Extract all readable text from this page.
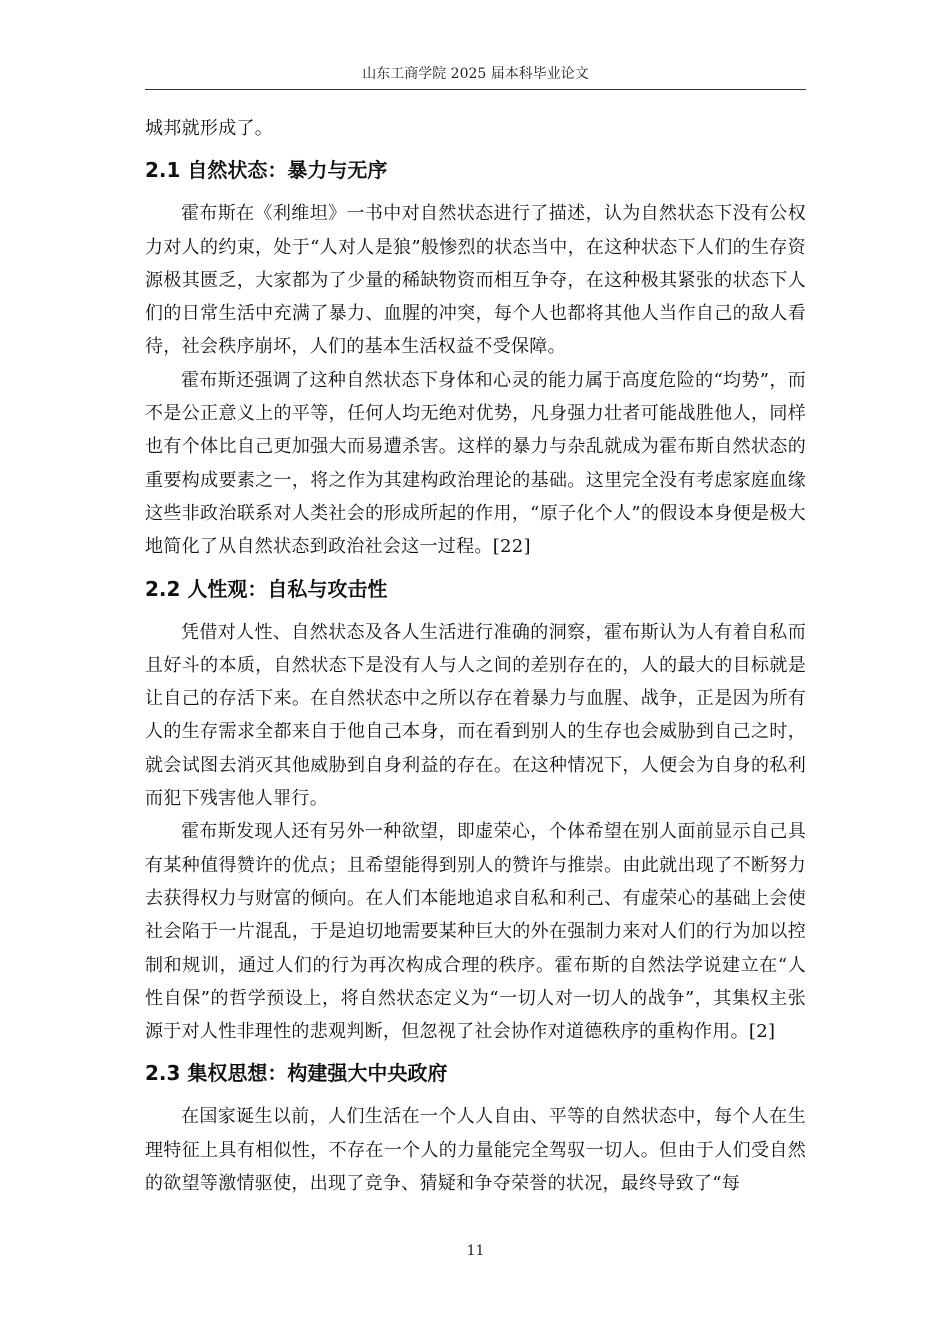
山东工商学院 2025 届本科毕业论文

城邦就形成了。

2.1 自然状态：暴力与无序

霍布斯在《利维坦》一书中对自然状态进行了描述，认为自然状态下没有公权力对人的约束，处于“人对人是狼”般惨烈的状态当中，在这种状态下人们的生存资源极其匮乏，大家都为了少量的稀缺物资而相互争夺，在这种极其紧张的状态下人们的日常生活中充满了暴力、血腥的冲突，每个人也都将其他人当作自己的敌人看待，社会秩序崩坏，人们的基本生活权益不受保障。

霍布斯还强调了这种自然状态下身体和心灵的能力属于高度危险的“均势”，而不是公正意义上的平等，任何人均无绝对优势，凡身强力壮者可能战胜他人，同样也有个体比自己更加强大而易遭杀害。这样的暴力与杂乱就成为霍布斯自然状态的重要构成要素之一，将之作为其建构政治理论的基础。这里完全没有考虑家庭血缘这些非政治联系对人类社会的形成所起的作用，“原子化个人”的假设本身便是极大地简化了从自然状态到政治社会这一过程。[22]

2.2 人性观：自私与攻击性

凭借对人性、自然状态及各人生活进行准确的洞察，霍布斯认为人有着自私而且好斗的本质，自然状态下是没有人与人之间的差别存在的，人的最大的目标就是让自己的存活下来。在自然状态中之所以存在着暴力与血腥、战争，正是因为所有人的生存需求全都来自于他自己本身，而在看到别人的生存也会威胁到自己之时，就会试图去消灭其他威胁到自身利益的存在。在这种情况下，人便会为自身的私利而犯下残害他人罪行。

霍布斯发现人还有另外一种欲望，即虚荣心，个体希望在别人面前显示自己具有某种值得赞许的优点；且希望能得到别人的赞许与推崇。由此就出现了不断努力去获得权力与财富的倾向。在人们本能地追求自私和利己、有虚荣心的基础上会使社会陷于一片混乱，于是迫切地需要某种巨大的外在强制力来对人们的行为加以控制和规训，通过人们的行为再次构成合理的秩序。霍布斯的自然法学说建立在“人性自保”的哲学预设上，将自然状态定义为“一切人对一切人的战争”，其集权主张源于对人性非理性的悲观判断，但忽视了社会协作对道德秩序的重构作用。[2]

2.3 集权思想：构建强大中央政府

在国家诞生以前，人们生活在一个人人自由、平等的自然状态中，每个人在生理特征上具有相似性，不存在一个人的力量能完全驾驭一切人。但由于人们受自然的欲望等激情驱使，出现了竞争、猜疑和争夺荣誉的状况，最终导致了“每

11
